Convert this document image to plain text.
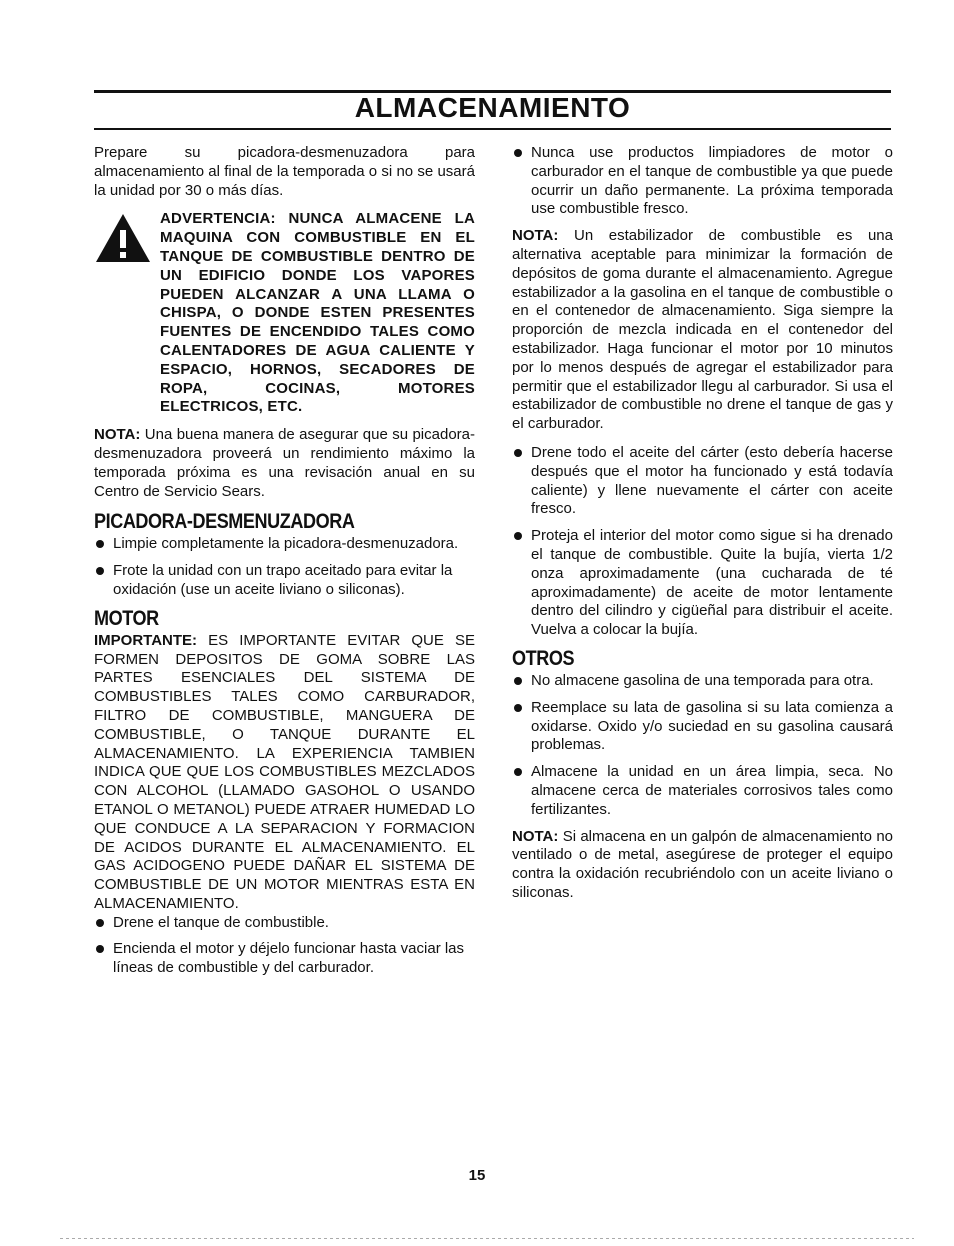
ALMACENAMIENTO

Prepare su picadora-desmenuzadora para almacenamiento al final de la temporada o si no se usará la unidad por 30 o más días.

ADVERTENCIA: NUNCA ALMACENE LA MAQUINA CON COMBUSTIBLE EN EL TANQUE DE COMBUSTIBLE DENTRO DE UN EDIFICIO DONDE LOS VAPORES PUEDEN ALCANZAR A UNA LLAMA O CHISPA, O DONDE ESTEN PRESENTES FUENTES DE ENCENDIDO TALES COMO CALENTADORES DE AGUA CALIENTE Y ESPACIO, HORNOS, SECADORES DE ROPA, COCINAS, MOTORES ELECTRICOS, ETC.

NOTA: Una buena manera de asegurar que su picadora-desmenuzadora proveerá un rendimiento máximo la temporada próxima es una revisación anual en su Centro de Servicio Sears.

PICADORA-DESMENUZADORA
Limpie completamente la picadora-desmenuzadora.
Frote la unidad con un trapo aceitado para evitar la oxidación (use un aceite liviano o siliconas).
MOTOR

IMPORTANTE: ES IMPORTANTE EVITAR QUE SE FORMEN DEPOSITOS DE GOMA SOBRE LAS PARTES ESENCIALES DEL SISTEMA DE COMBUSTIBLES TALES COMO CARBURADOR, FILTRO DE COMBUSTIBLE, MANGUERA DE COMBUSTIBLE, O TANQUE DURANTE EL ALMACENAMIENTO. LA EXPERIENCIA TAMBIEN INDICA QUE QUE LOS COMBUSTIBLES MEZCLADOS CON ALCOHOL (LLAMADO GASOHOL O USANDO ETANOL O METANOL) PUEDE ATRAER HUMEDAD LO QUE CONDUCE A LA SEPARACION Y FORMACION DE ACIDOS DURANTE EL ALMACENAMIENTO. EL GAS ACIDOGENO PUEDE DAÑAR EL SISTEMA DE COMBUSTIBLE DE UN MOTOR MIENTRAS ESTA EN ALMACENAMIENTO.

Drene el tanque de combustible.
Encienda el motor y déjelo funcionar hasta vaciar las líneas de combustible y del carburador.
Nunca use productos limpiadores de motor o carburador en el tanque de combustible ya que puede ocurrir un daño permanente. La próxima temporada use combustible fresco.

NOTA: Un estabilizador de combustible es una alternativa aceptable para minimizar la formación de depósitos de goma durante el almacenamiento. Agregue estabilizador a la gasolina en el tanque de combustible o en el contenedor de almacenamiento. Siga siempre la proporción de mezcla indicada en el contenedor del estabilizador. Haga funcionar el motor por 10 minutos por lo menos después de agregar el estabilizador para permitir que el estabilizador llegu al carburador. Si usa el estabilizador de combustible no drene el tanque de gas y el carburador.

Drene todo el aceite del cárter (esto debería hacerse después que el motor ha funcionado y está todavía caliente) y llene nuevamente el cárter con aceite fresco.
Proteja el interior del motor como sigue si ha drenado el tanque de combustible. Quite la bujía, vierta 1/2 onza aproximadamente (una cucharada de té aproximadamente) de aceite de motor lentamente dentro del cilindro y cigüeñal para distribuir el aceite. Vuelva a colocar la bujía.
OTROS
No almacene gasolina de una temporada para otra.
Reemplace su lata de gasolina si su lata comienza a oxidarse. Oxido y/o suciedad en su gasolina causará problemas.
Almacene la unidad en un área limpia, seca. No almacene cerca de materiales corrosivos tales como fertilizantes.

NOTA: Si almacena en un galpón de almacenamiento no ventilado o de metal, asegúrese de proteger el equipo contra la oxidación recubriéndolo con un aceite liviano o siliconas.

15
